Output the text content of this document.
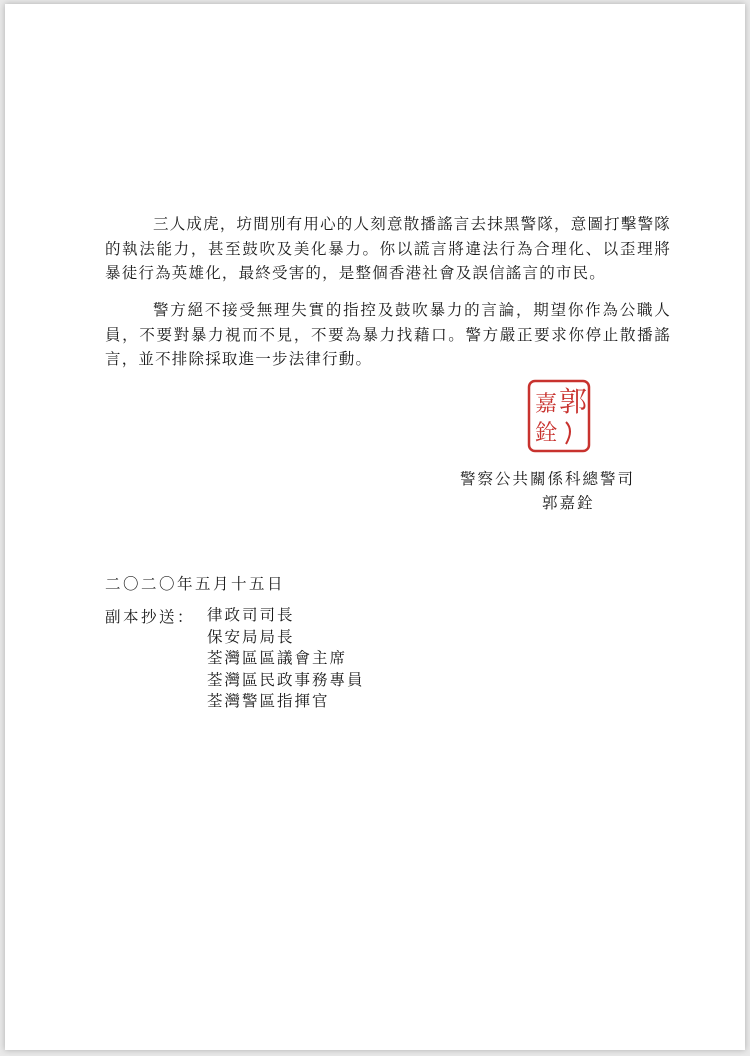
三人成虎，坊間別有用心的人刻意散播謠言去抹黑警隊，意圖打擊警隊的執法能力，甚至鼓吹及美化暴力。你以謊言將違法行為合理化、以歪理將暴徒行為英雄化，最終受害的，是整個香港社會及誤信謠言的市民。

警方絕不接受無理失實的指控及鼓吹暴力的言論，期望你作為公職人員，不要對暴力視而不見，不要為暴力找藉口。警方嚴正要求你停止散播謠言，並不排除採取進一步法律行動。

郭
嘉
銓
警察公共關係科總警司
郭嘉銓
二〇二〇年五月十五日
副本抄送： 律政司司長
保安局局長
荃灣區區議會主席
荃灣區民政事務專員
荃灣警區指揮官
